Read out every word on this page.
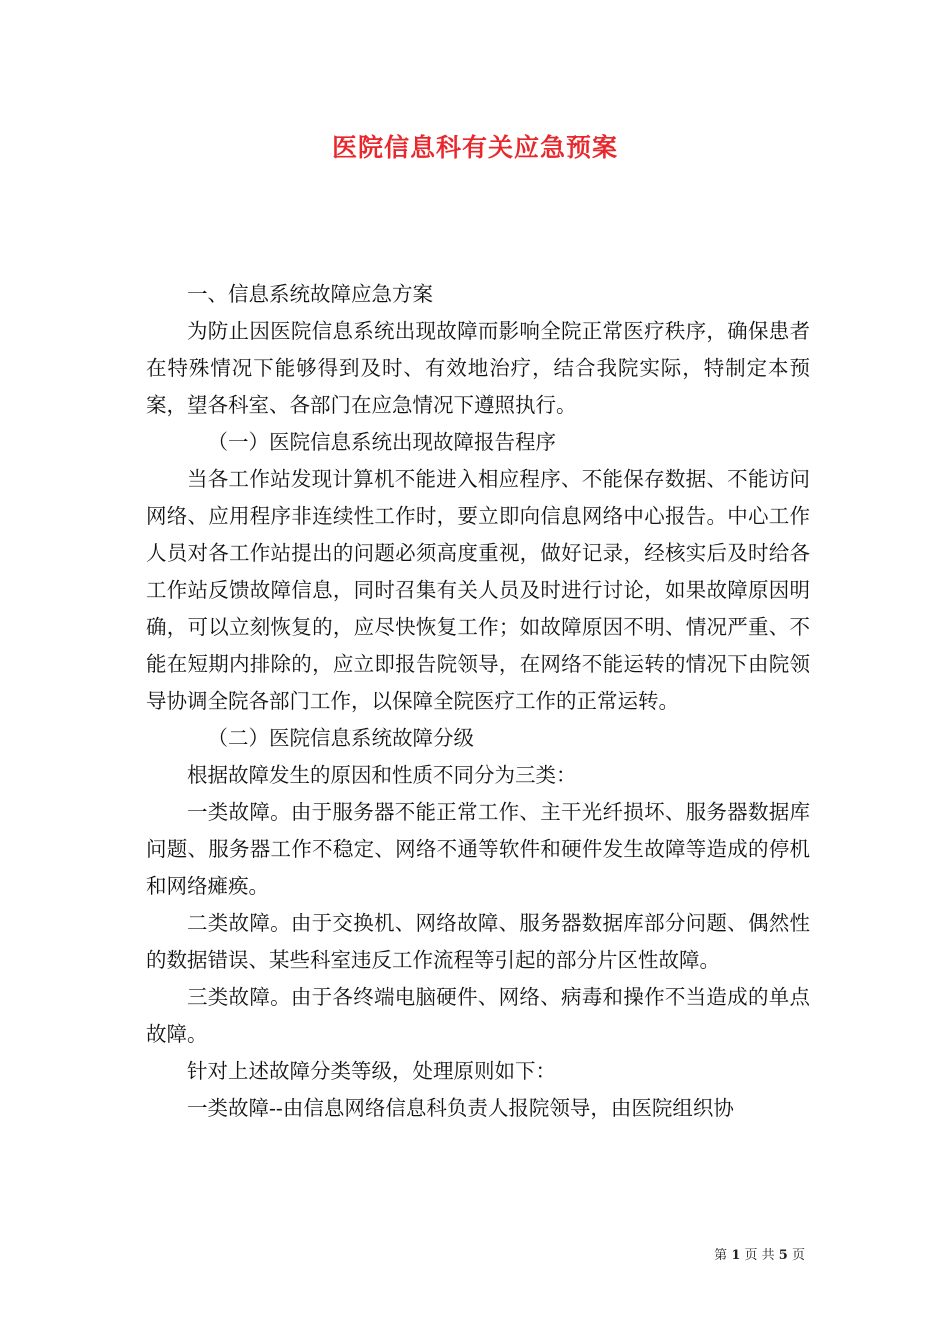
医院信息科有关应急预案

一、信息系统故障应急方案

为防止因医院信息系统出现故障而影响全院正常医疗秩序，确保患者在特殊情况下能够得到及时、有效地治疗，结合我院实际，特制定本预案，望各科室、各部门在应急情况下遵照执行。

（一）医院信息系统出现故障报告程序

当各工作站发现计算机不能进入相应程序、不能保存数据、不能访问网络、应用程序非连续性工作时，要立即向信息网络中心报告。中心工作人员对各工作站提出的问题必须高度重视，做好记录，经核实后及时给各工作站反馈故障信息，同时召集有关人员及时进行讨论，如果故障原因明确，可以立刻恢复的，应尽快恢复工作；如故障原因不明、情况严重、不能在短期内排除的，应立即报告院领导，在网络不能运转的情况下由院领导协调全院各部门工作，以保障全院医疗工作的正常运转。

（二）医院信息系统故障分级

根据故障发生的原因和性质不同分为三类：

一类故障。由于服务器不能正常工作、主干光纤损坏、服务器数据库问题、服务器工作不稳定、网络不通等软件和硬件发生故障等造成的停机和网络瘫痪。

二类故障。由于交换机、网络故障、服务器数据库部分问题、偶然性的数据错误、某些科室违反工作流程等引起的部分片区性故障。

三类故障。由于各终端电脑硬件、网络、病毒和操作不当造成的单点故障。

针对上述故障分类等级，处理原则如下：

一类故障--由信息网络信息科负责人报院领导，由医院组织协

第 1 页 共 5 页
